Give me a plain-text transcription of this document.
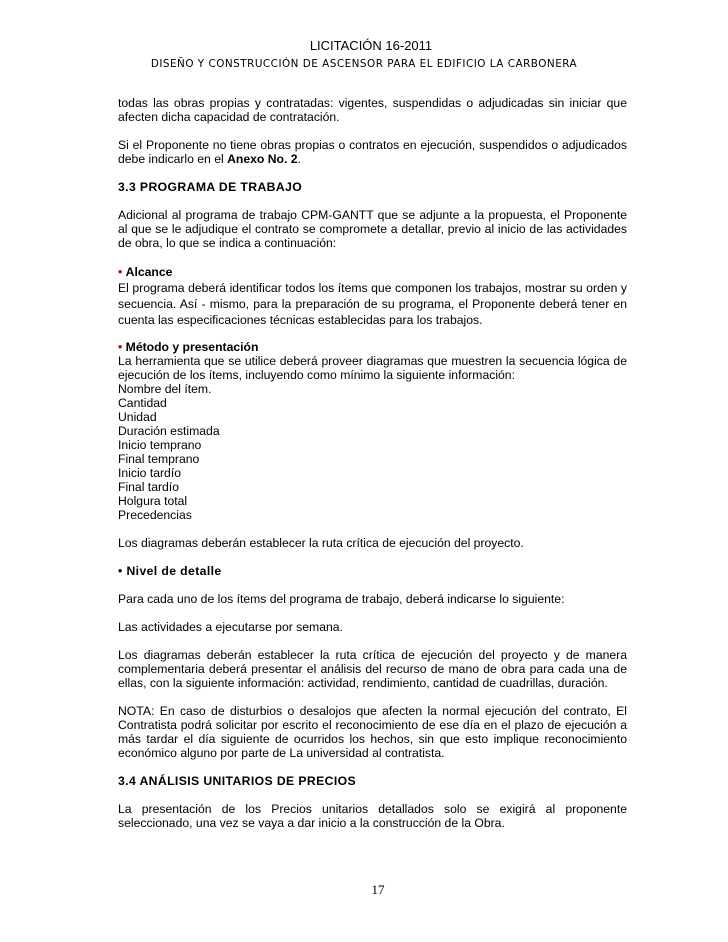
LICITACIÓN 16-2011
DISEÑO Y CONSTRUCCIÓN DE ASCENSOR PARA EL EDIFICIO LA CARBONERA

todas las obras propias y contratadas: vigentes, suspendidas o adjudicadas sin iniciar que afecten dicha capacidad de contratación.

Si el Proponente no tiene obras propias o contratos en ejecución, suspendidos o adjudicados debe indicarlo en el Anexo No. 2.

3.3 PROGRAMA DE TRABAJO

Adicional al programa de trabajo CPM-GANTT que se adjunte a la propuesta, el Proponente al que se le adjudique el contrato se compromete a detallar, previo al inicio de las actividades de obra, lo que se indica a continuación:

• Alcance
El programa deberá identificar todos los ítems que componen los trabajos, mostrar su orden y secuencia. Así - mismo, para la preparación de su programa, el Proponente deberá tener en cuenta las especificaciones técnicas establecidas para los trabajos.

• Método y presentación
La herramienta que se utilice deberá proveer diagramas que muestren la secuencia lógica de ejecución de los ítems, incluyendo como mínimo la siguiente información:

Nombre del ítem.
Cantidad
Unidad
Duración estimada
Inicio temprano
Final temprano
Inicio tardío
Final tardío
Holgura total
Precedencias

Los diagramas deberán establecer la ruta crítica de ejecución del proyecto.

• Nivel de detalle

Para cada uno de los ítems del programa de trabajo, deberá indicarse lo siguiente:

Las actividades a ejecutarse por semana.

Los diagramas deberán establecer la ruta crítica de ejecución del proyecto y de manera complementaria deberá presentar el análisis del recurso de mano de obra para cada una de ellas, con la siguiente información: actividad, rendimiento, cantidad de cuadrillas, duración.

NOTA: En caso de disturbios o desalojos que afecten la normal ejecución del contrato, El Contratista podrá solicitar por escrito el reconocimiento de ese día en el plazo de ejecución a más tardar el día siguiente de ocurridos los hechos, sin que esto implique reconocimiento económico alguno por parte de La universidad al contratista.

3.4 ANÁLISIS UNITARIOS DE PRECIOS

La presentación de los Precios unitarios detallados solo se exigirá al proponente seleccionado, una vez se vaya a dar inicio a la construcción de la Obra.

17
